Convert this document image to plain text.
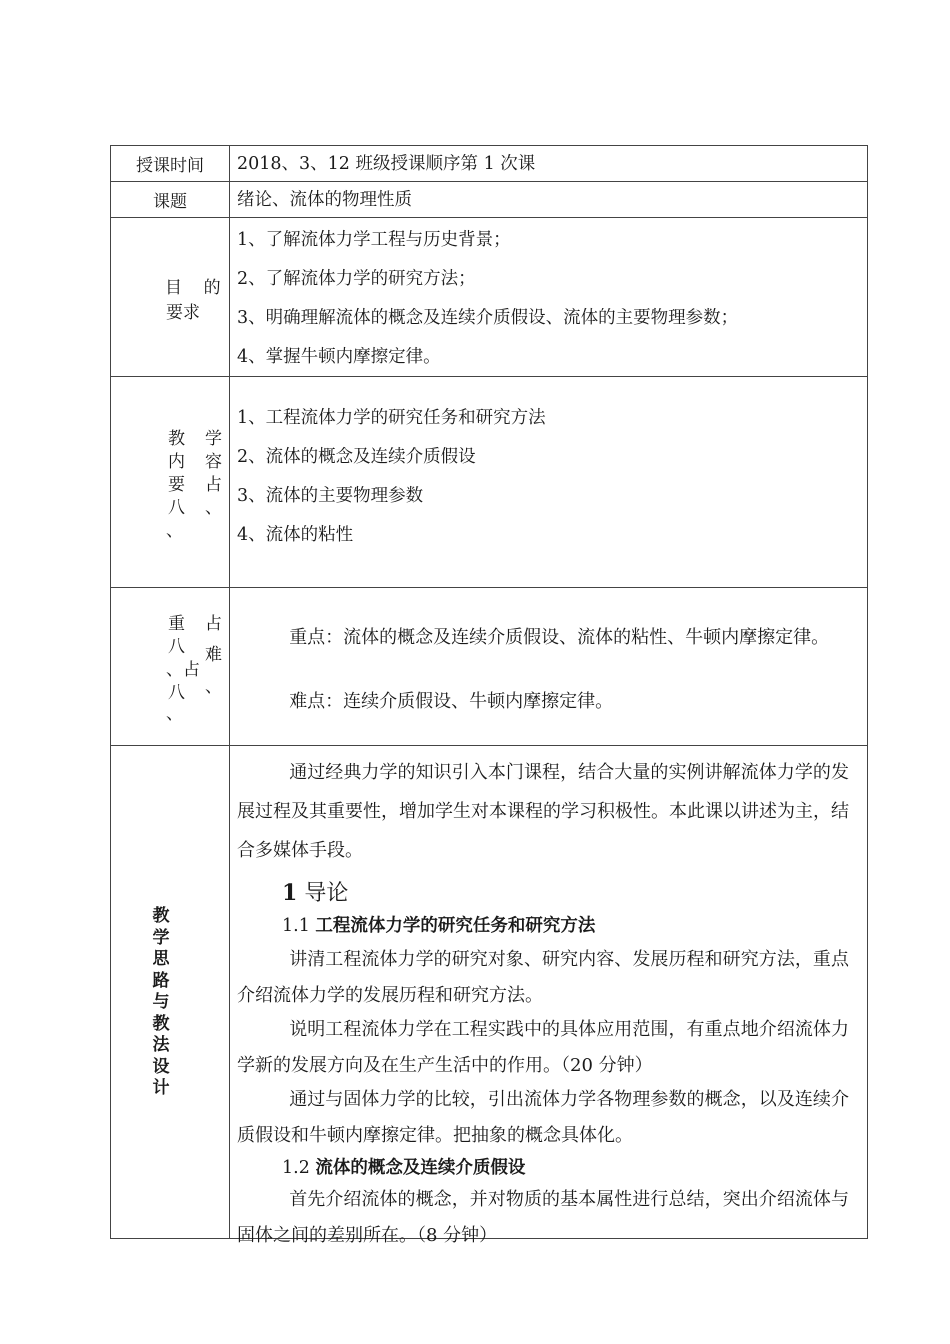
授课时间	2018、3、12 班级授课顺序第 1 次课
课题	绪论、流体的物理性质
目    的
要求
1、了解流体力学工程与历史背景；
2、了解流体力学的研究方法；
3、明确理解流体的概念及连续介质假设、流体的主要物理参数；
4、掌握牛顿内摩擦定律。
教 学
内 容
要 占
八 、
、
1、工程流体力学的研究任务和研究方法
2、流体的概念及连续介质假设
3、流体的主要物理参数
4、流体的粘性
重 占
八 难
、占
八 、
、
重点：流体的概念及连续介质假设、流体的粘性、牛顿内摩擦定律。
难点：连续介质假设、牛顿内摩擦定律。
教学思路与教法设计
通过经典力学的知识引入本门课程，结合大量的实例讲解流体力学的发展过程及其重要性，增加学生对本课程的学习积极性。本此课以讲述为主，结合多媒体手段。
1 导论
1.1 工程流体力学的研究任务和研究方法
讲清工程流体力学的研究对象、研究内容、发展历程和研究方法，重点介绍流体力学的发展历程和研究方法。
说明工程流体力学在工程实践中的具体应用范围，有重点地介绍流体力学新的发展方向及在生产生活中的作用。（20 分钟）
通过与固体力学的比较，引出流体力学各物理参数的概念，以及连续介质假设和牛顿内摩擦定律。把抽象的概念具体化。
1.2 流体的概念及连续介质假设
首先介绍流体的概念，并对物质的基本属性进行总结，突出介绍流体与固体之间的差别所在。（8 分钟）
